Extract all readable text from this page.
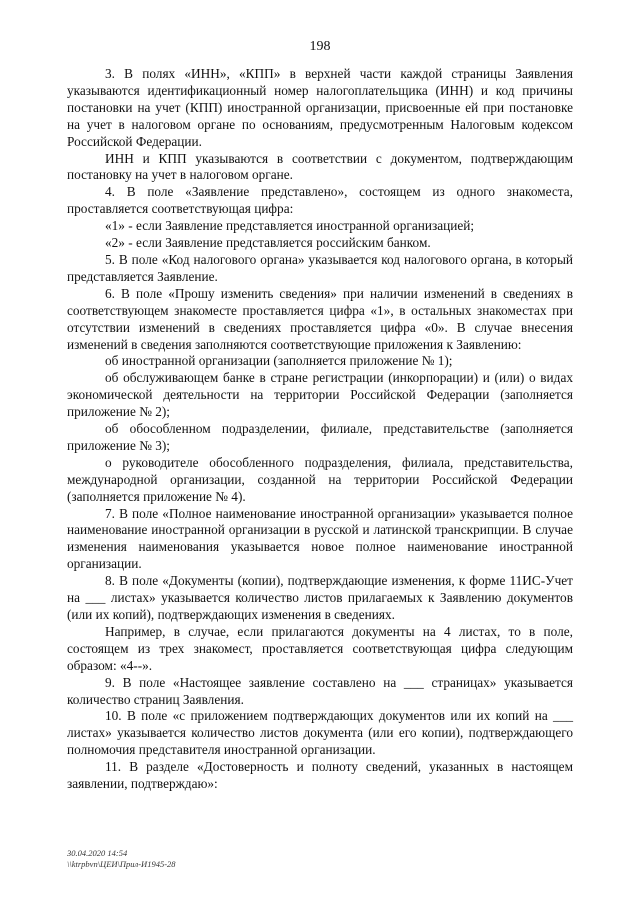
198

3. В полях «ИНН», «КПП» в верхней части каждой страницы Заявления указываются идентификационный номер налогоплательщика (ИНН) и код причины постановки на учет (КПП) иностранной организации, присвоенные ей при постановке на учет в налоговом органе по основаниям, предусмотренным Налоговым кодексом Российской Федерации.

ИНН и КПП указываются в соответствии с документом, подтверждающим постановку на учет в налоговом органе.

4. В поле «Заявление представлено», состоящем из одного знакоместа, проставляется соответствующая цифра:

«1» - если Заявление представляется иностранной организацией;

«2» - если Заявление представляется российским банком.

5. В поле «Код налогового органа» указывается код налогового органа, в который представляется Заявление.

6. В поле «Прошу изменить сведения» при наличии изменений в сведениях в соответствующем знакоместе проставляется цифра «1», в остальных знакоместах при отсутствии изменений в сведениях проставляется цифра «0». В случае внесения изменений в сведения заполняются соответствующие приложения к Заявлению:

об иностранной организации (заполняется приложение № 1);

об обслуживающем банке в стране регистрации (инкорпорации) и (или) о видах экономической деятельности на территории Российской Федерации (заполняется приложение № 2);

об обособленном подразделении, филиале, представительстве (заполняется приложение № 3);

о руководителе обособленного подразделения, филиала, представительства, международной организации, созданной на территории Российской Федерации (заполняется приложение № 4).

7. В поле «Полное наименование иностранной организации» указывается полное наименование иностранной организации в русской и латинской транскрипции. В случае изменения наименования указывается новое полное наименование иностранной организации.

8. В поле «Документы (копии), подтверждающие изменения, к форме 11ИС-Учет на ___ листах» указывается количество листов прилагаемых к Заявлению документов (или их копий), подтверждающих изменения в сведениях.

Например, в случае, если прилагаются документы на 4 листах, то в поле, состоящем из трех знакомест, проставляется соответствующая цифра следующим образом: «4--».

9. В поле «Настоящее заявление составлено на ___ страницах» указывается количество страниц Заявления.

10. В поле «с приложением подтверждающих документов или их копий на ___ листах» указывается количество листов документа (или его копии), подтверждающего полномочия представителя иностранной организации.

11. В разделе «Достоверность и полноту сведений, указанных в настоящем заявлении, подтверждаю»:

30.04.2020 14:54
\\ktrpbvn\ЦЕИ\Прил-И1945-28
